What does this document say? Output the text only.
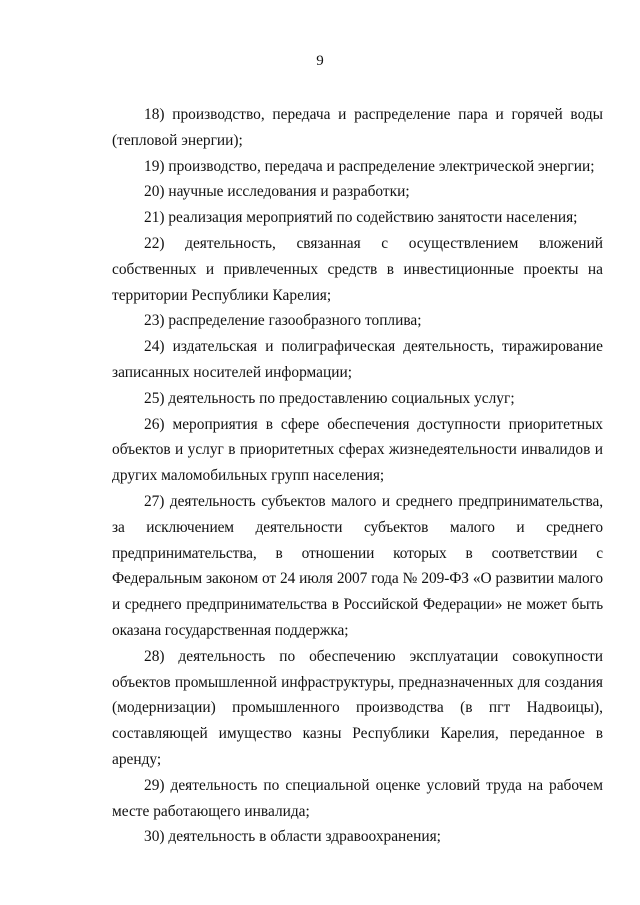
9

18) производство, передача и распределение пара и горячей воды (тепловой энергии);

19) производство, передача и распределение электрической энергии;

20) научные исследования и разработки;

21) реализация мероприятий по содействию занятости населения;

22) деятельность, связанная с осуществлением вложений собственных и привлеченных средств в инвестиционные проекты на территории Республики Карелия;

23) распределение газообразного топлива;

24) издательская и полиграфическая деятельность, тиражирование записанных носителей информации;

25) деятельность по предоставлению социальных услуг;

26) мероприятия в сфере обеспечения доступности приоритетных объектов и услуг в приоритетных сферах жизнедеятельности инвалидов и других маломобильных групп населения;

27) деятельность субъектов малого и среднего предпринимательства, за исключением деятельности субъектов малого и среднего предпринимательства, в отношении которых в соответствии с Федеральным законом от 24 июля 2007 года № 209-ФЗ «О развитии малого и среднего предпринимательства в Российской Федерации» не может быть оказана государственная поддержка;

28) деятельность по обеспечению эксплуатации совокупности объектов промышленной инфраструктуры, предназначенных для создания (модернизации) промышленного производства (в пгт Надвоицы), составляющей имущество казны Республики Карелия, переданное в аренду;

29) деятельность по специальной оценке условий труда на рабочем месте работающего инвалида;

30) деятельность в области здравоохранения;
